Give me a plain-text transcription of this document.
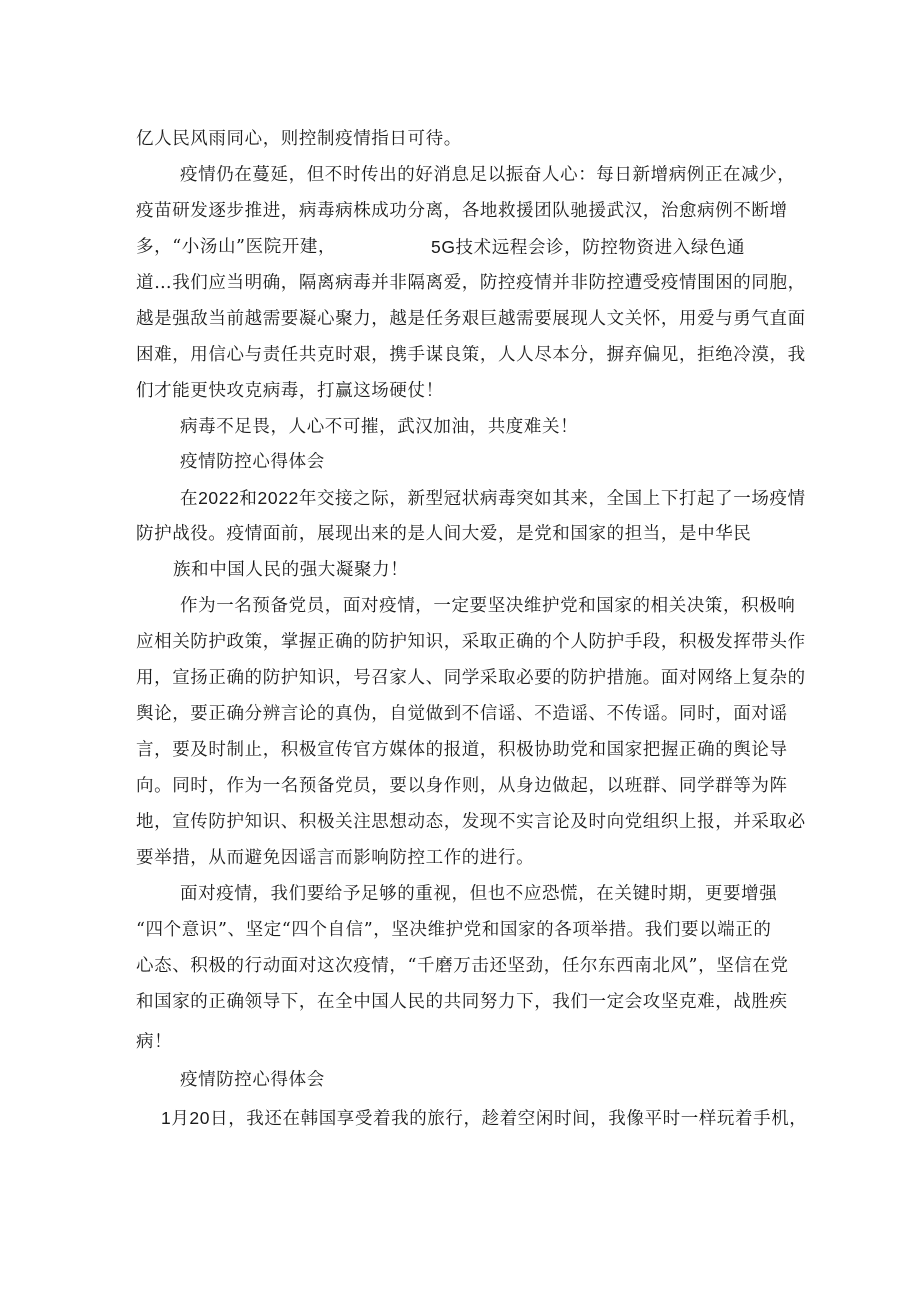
亿人民风雨同心，则控制疫情指日可待。
疫情仍在蔓延，但不时传出的好消息足以振奋人心：每日新增病例正在减少，
疫苗研发逐步推进，病毒病株成功分离，各地救援团队驰援武汉，治愈病例不断增
多，“小汤山”医院开建，	5G技术远程会诊，防控物资进入绿色通
道…我们应当明确，隔离病毒并非隔离爱，防控疫情并非防控遭受疫情围困的同胞，
越是强敌当前越需要凝心聚力，越是任务艰巨越需要展现人文关怀，用爱与勇气直面
困难，用信心与责任共克时艰，携手谋良策，人人尽本分，摒弃偏见，拒绝冷漠，我
们才能更快攻克病毒，打赢这场硬仗！
病毒不足畏，人心不可摧，武汉加油，共度难关！
疫情防控心得体会
在2022和2022年交接之际，新型冠状病毒突如其来，全国上下打起了一场疫情
防护战役。疫情面前，展现出来的是人间大爱，是党和国家的担当，是中华民
族和中国人民的强大凝聚力！
作为一名预备党员，面对疫情，一定要坚决维护党和国家的相关决策，积极响
应相关防护政策，掌握正确的防护知识，采取正确的个人防护手段，积极发挥带头作
用，宣扬正确的防护知识，号召家人、同学采取必要的防护措施。面对网络上复杂的
舆论，要正确分辨言论的真伪，自觉做到不信谣、不造谣、不传谣。同时，面对谣
言，要及时制止，积极宣传官方媒体的报道，积极协助党和国家把握正确的舆论导
向。同时，作为一名预备党员，要以身作则，从身边做起，以班群、同学群等为阵
地，宣传防护知识、积极关注思想动态，发现不实言论及时向党组织上报，并采取必
要举措，从而避免因谣言而影响防控工作的进行。
面对疫情，我们要给予足够的重视，但也不应恐慌，在关键时期，更要增强
“四个意识”、坚定“四个自信”，坚决维护党和国家的各项举措。我们要以端正的
心态、积极的行动面对这次疫情，“千磨万击还坚劲，任尔东西南北风”，坚信在党
和国家的正确领导下，在全中国人民的共同努力下，我们一定会攻坚克难，战胜疾
病！
疫情防控心得体会
1月20日，我还在韩国享受着我的旅行，趁着空闲时间，我像平时一样玩着手机，
